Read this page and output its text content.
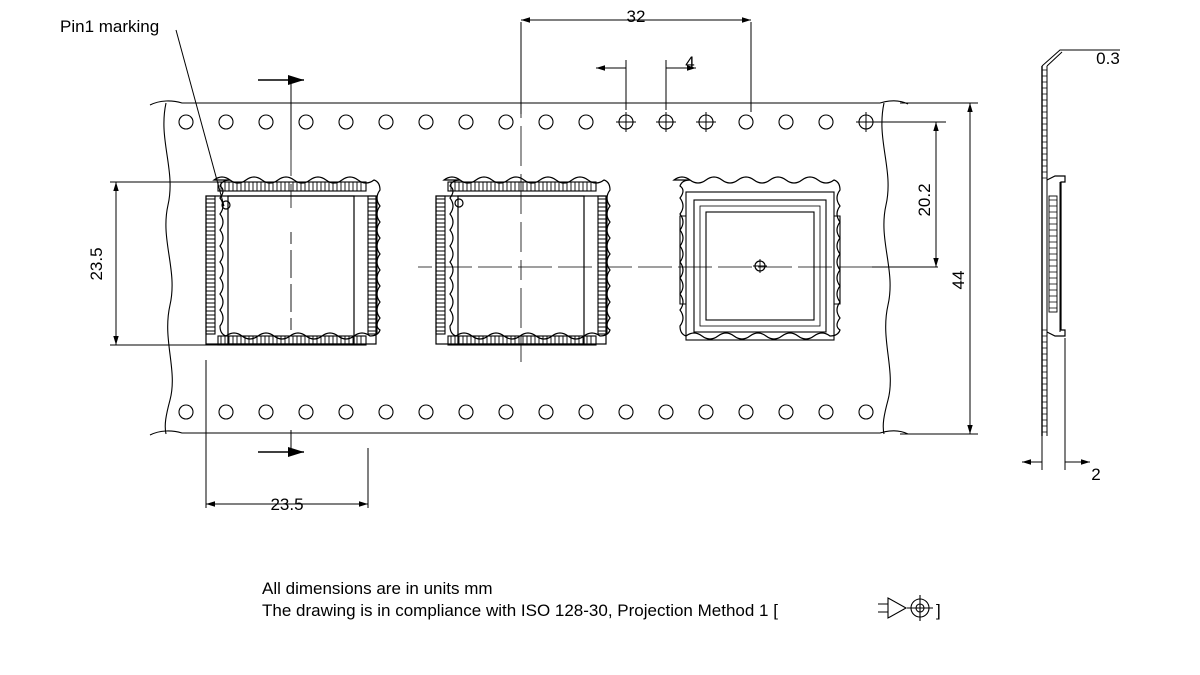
32
4
23.5
23.5
20.2
44
0.3
2
Pin1 marking
All dimensions are in units mm
The drawing is in compliance with ISO 128-30, Projection Method 1 [	]
